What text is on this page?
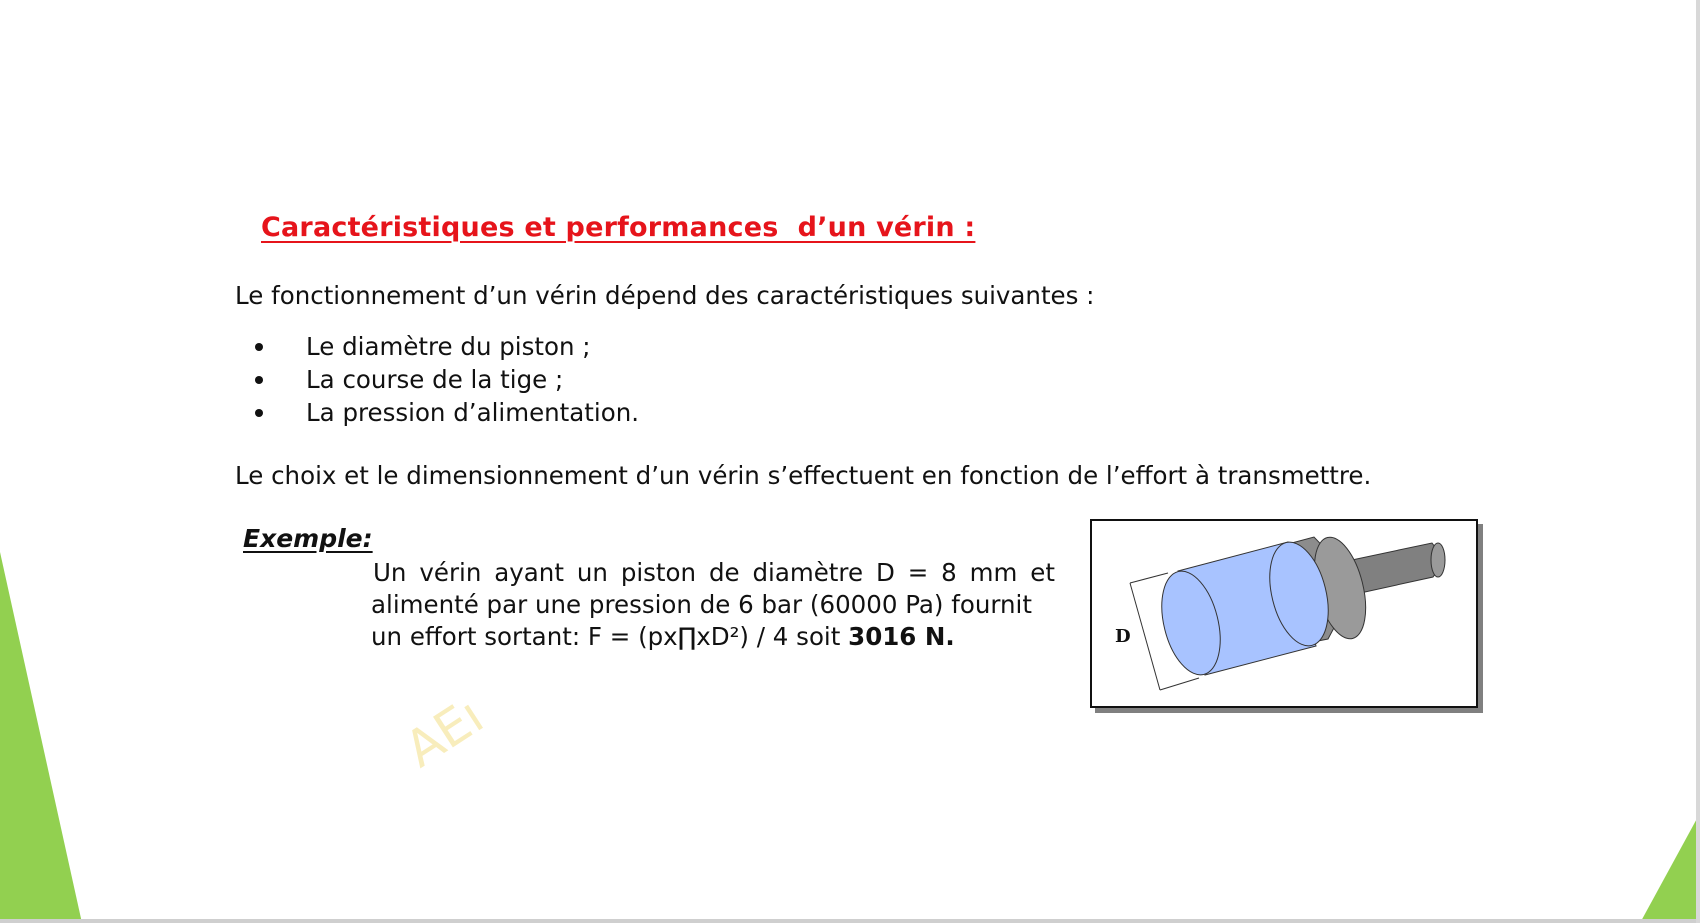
Caractéristiques et performances  d’un vérin :
Le fonctionnement d’un vérin dépend des caractéristiques suivantes :
Le diamètre du piston ;
La course de la tige ;
La pression d’alimentation.
Le choix et le dimensionnement d’un vérin s’effectuent en fonction de l’effort à transmettre.
Exemple:
Un vérin ayant un piston de diamètre D = 8 mm et
alimenté par une pression de 6 bar (60000 Pa) fournit
un effort sortant: F = (px∏xD²) / 4 soit 3016 N.	D
AEı
